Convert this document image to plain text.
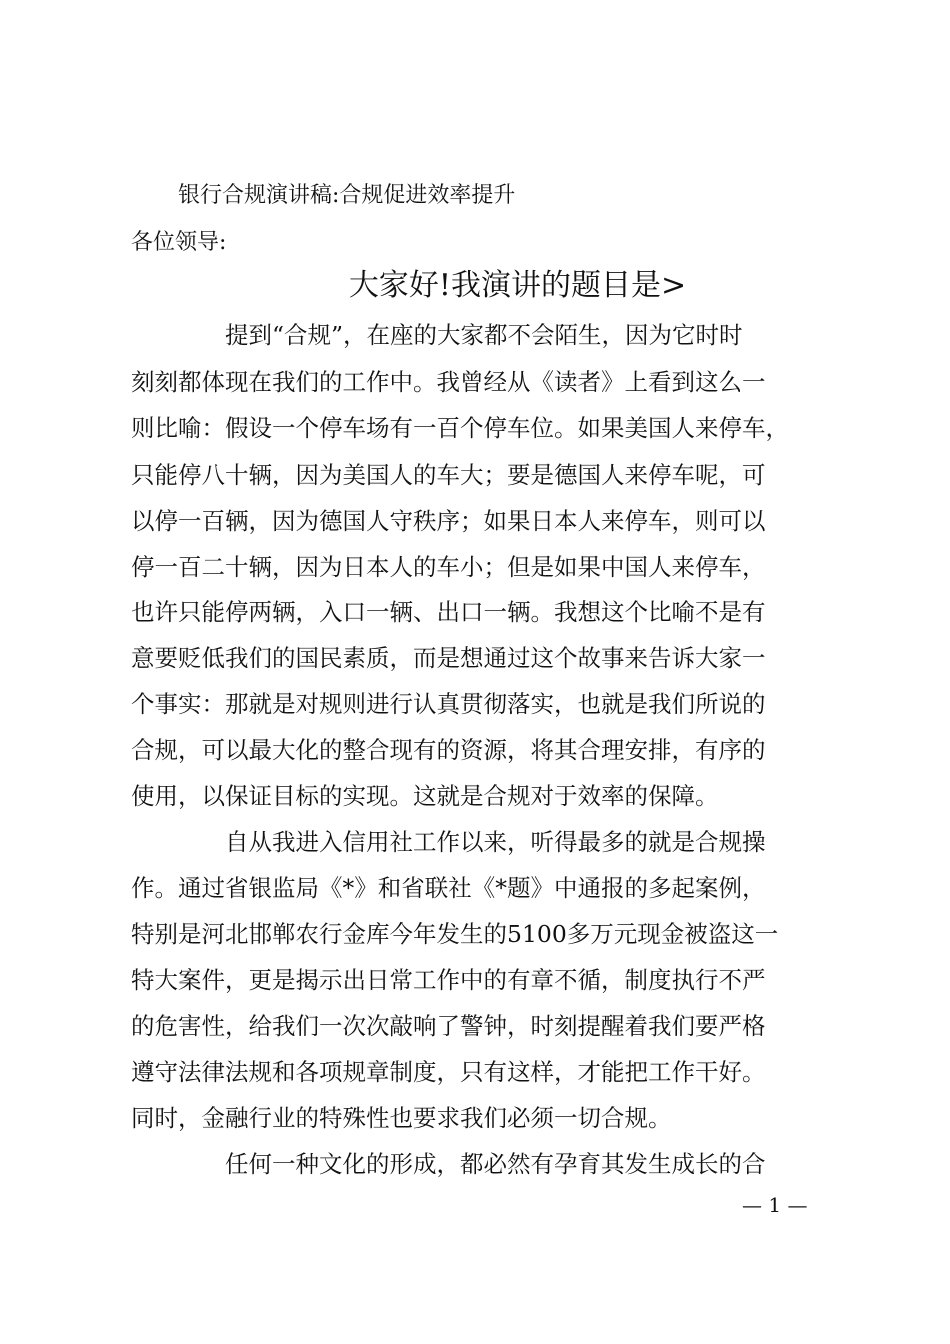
银行合规演讲稿:合规促进效率提升
各位领导:
大家好!我演讲的题目是>
　　　　提到“合规”，在座的大家都不会陌生，因为它时时
刻刻都体现在我们的工作中。我曾经从《读者》上看到这么一
则比喻：假设一个停车场有一百个停车位。如果美国人来停车，
只能停八十辆，因为美国人的车大；要是德国人来停车呢，可
以停一百辆，因为德国人守秩序；如果日本人来停车，则可以
停一百二十辆，因为日本人的车小；但是如果中国人来停车，
也许只能停两辆，入口一辆、出口一辆。我想这个比喻不是有
意要贬低我们的国民素质，而是想通过这个故事来告诉大家一
个事实：那就是对规则进行认真贯彻落实，也就是我们所说的
合规，可以最大化的整合现有的资源，将其合理安排，有序的
使用，以保证目标的实现。这就是合规对于效率的保障。
　　　　自从我进入信用社工作以来，听得最多的就是合规操
作。通过省银监局《*》和省联社《*题》中通报的多起案例，
特别是河北邯郸农行金库今年发生的5100多万元现金被盗这一
特大案件，更是揭示出日常工作中的有章不循，制度执行不严
的危害性，给我们一次次敲响了警钟，时刻提醒着我们要严格
遵守法律法规和各项规章制度，只有这样，才能把工作干好。
同时，金融行业的特殊性也要求我们必须一切合规。
　　　　任何一种文化的形成，都必然有孕育其发生成长的合
— 1 —
